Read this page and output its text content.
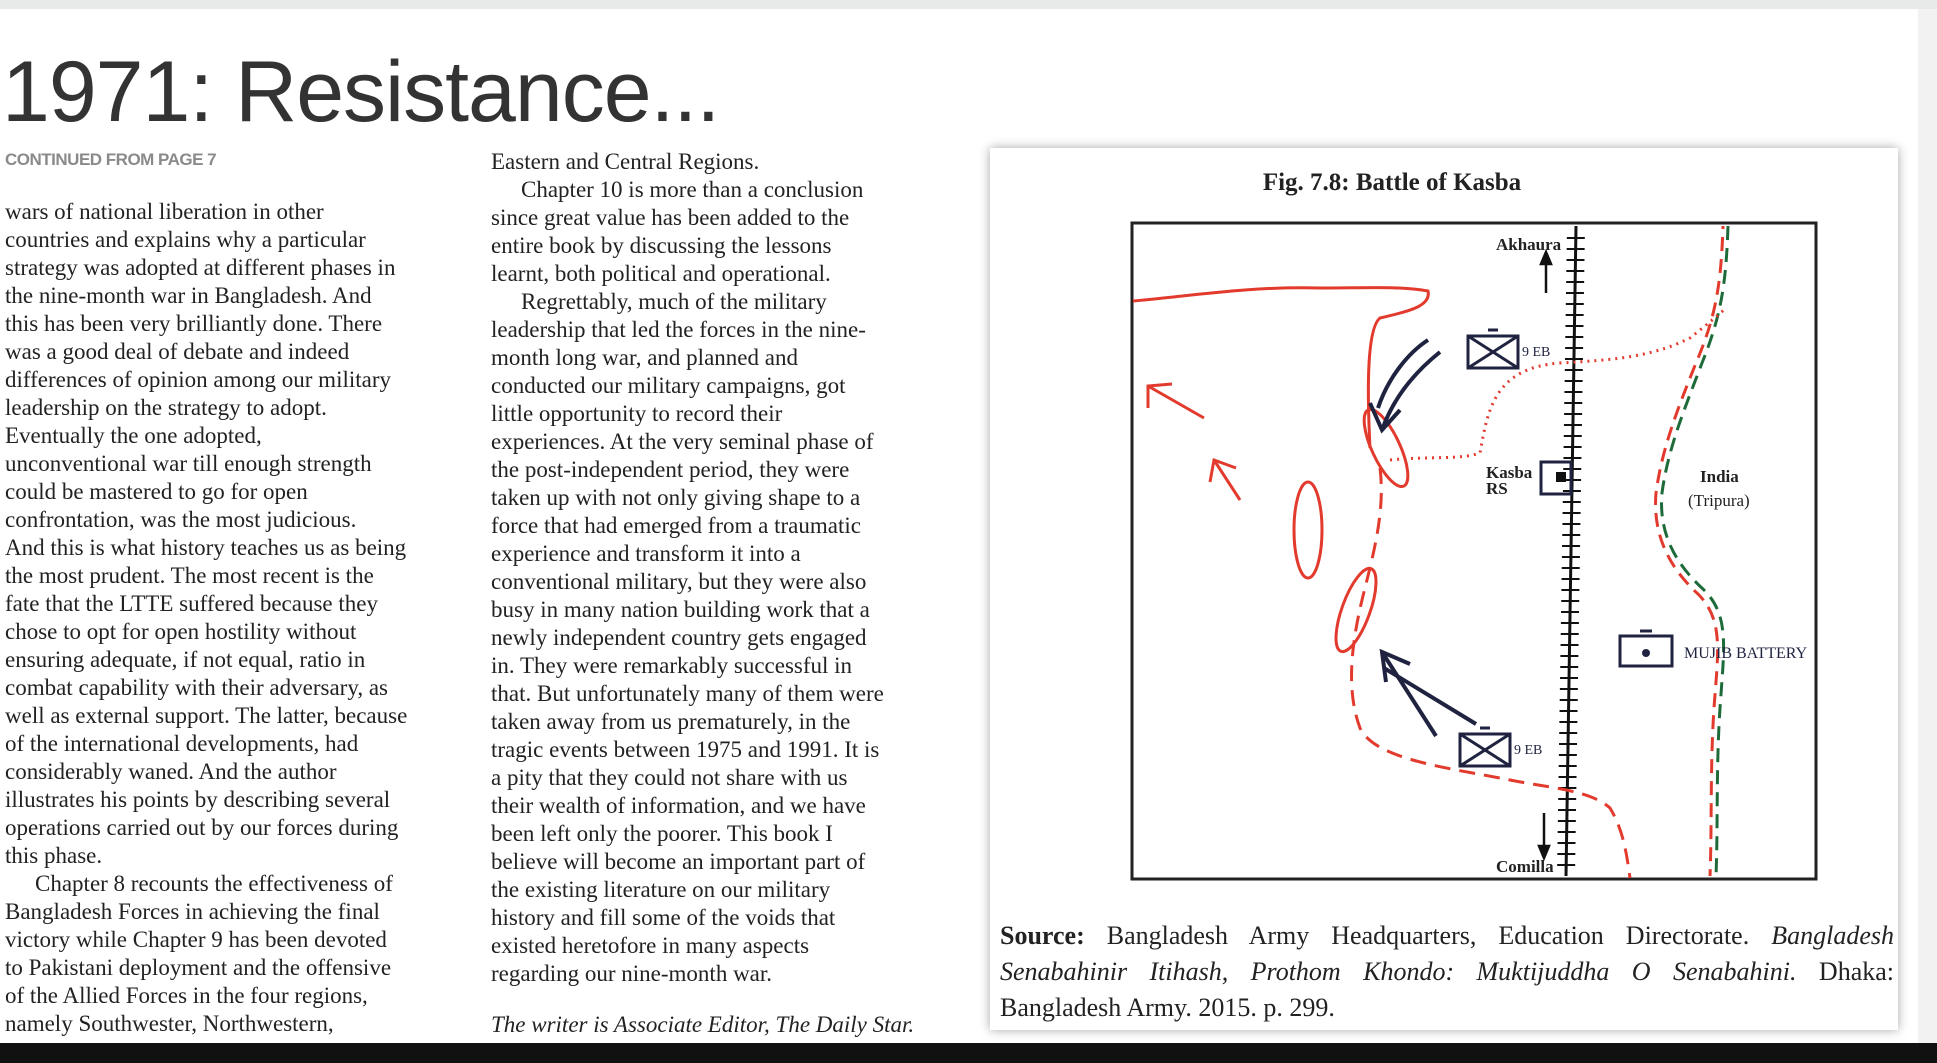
1971: Resistance...
CONTINUED FROM PAGE 7

wars of national liberation in other

countries and explains why a particular

strategy was adopted at different phases in

the nine-month war in Bangladesh. And

this has been very brilliantly done. There

was a good deal of debate and indeed

differences of opinion among our military

leadership on the strategy to adopt.

Eventually the one adopted,

unconventional war till enough strength

could be mastered to go for open

confrontation, was the most judicious.

And this is what history teaches us as being

the most prudent. The most recent is the

fate that the LTTE suffered because they

chose to opt for open hostility without

ensuring adequate, if not equal, ratio in

combat capability with their adversary, as

well as external support. The latter, because

of the international developments, had

considerably waned. And the author

illustrates his points by describing several

operations carried out by our forces during

this phase.

Chapter 8 recounts the effectiveness of

Bangladesh Forces in achieving the final

victory while Chapter 9 has been devoted

to Pakistani deployment and the offensive

of the Allied Forces in the four regions,

namely Southwester, Northwestern,

Eastern and Central Regions.

Chapter 10 is more than a conclusion

since great value has been added to the

entire book by discussing the lessons

learnt, both political and operational.

Regrettably, much of the military

leadership that led the forces in the nine-

month long war, and planned and

conducted our military campaigns, got

little opportunity to record their

experiences. At the very seminal phase of

the post-independent period, they were

taken up with not only giving shape to a

force that had emerged from a traumatic

experience and transform it into a

conventional military, but they were also

busy in many nation building work that a

newly independent country gets engaged

in. They were remarkably successful in

that. But unfortunately many of them were

taken away from us prematurely, in the

tragic events between 1975 and 1991. It is

a pity that they could not share with us

their wealth of information, and we have

been left only the poorer. This book I

believe will become an important part of

the existing literature on our military

history and fill some of the voids that

existed heretofore in many aspects

regarding our nine-month war.

The writer is Associate Editor, The Daily Star.
Fig. 7.8: Battle of Kasba
Akhaura
Comilla
Kasba
RS
India
(Tripura)
9 EB
9 EB
MUJIB BATTERY
Source: Bangladesh Army Headquarters, Education Directorate. Bangladesh Senabahinir Itihash, Prothom Khondo: Muktijuddha O Senabahini. Dhaka: Bangladesh Army. 2015. p. 299.
